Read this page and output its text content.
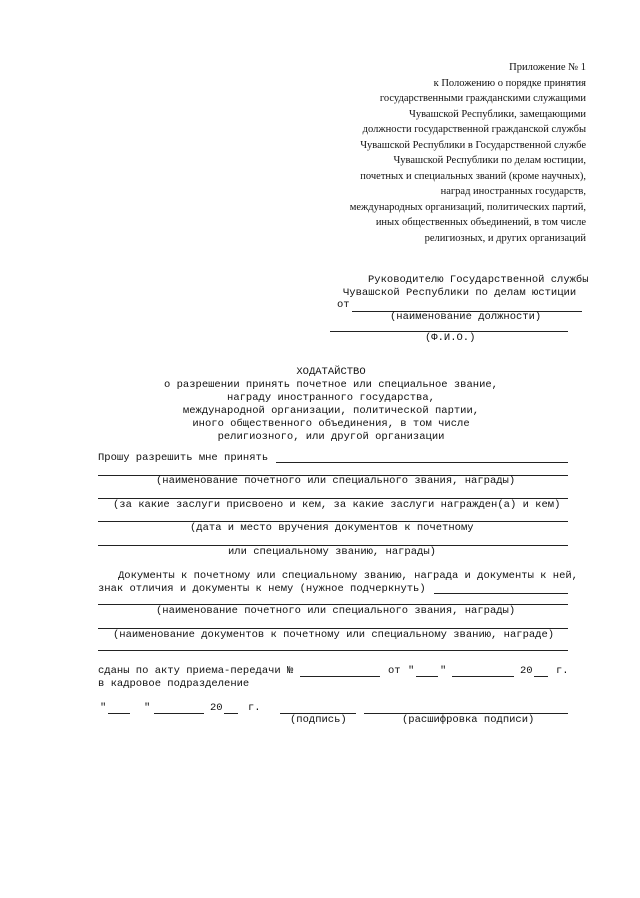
Приложение № 1
к Положению о порядке принятия
государственными гражданскими служащими
Чувашской Республики, замещающими
должности государственной гражданской службы
Чувашской Республики в Государственной службе
Чувашской Республики по делам юстиции,
почетных и специальных званий (кроме научных),
наград иностранных государств,
международных организаций, политических партий,
иных общественных объединений, в том числе
религиозных, и других организаций
Руководителю Государственной службы
Чувашской Республики по делам юстиции
от
(наименование должности)
(Ф.И.О.)
ХОДАТАЙСТВО
о разрешении принять почетное или специальное звание,
награду иностранного государства,
международной организации, политической партии,
иного общественного объединения, в том числе
религиозного, или другой организации
Прошу разрешить мне принять
(наименование почетного или специального звания, награды)
(за какие заслуги присвоено и кем, за какие заслуги награжден(а) и кем)
(дата и место вручения документов к почетному
или специальному званию, награды)
Документы к почетному или специальному званию, награда и документы к ней,
знак отличия и документы к нему (нужное подчеркнуть)
(наименование почетного или специального звания, награды)
(наименование документов к почетному или специальному званию, награде)
сданы по акту приема-передачи №	от " "	20 г.
в кадровое подразделение
"	"	20 г.
(подпись)	(расшифровка подписи)
